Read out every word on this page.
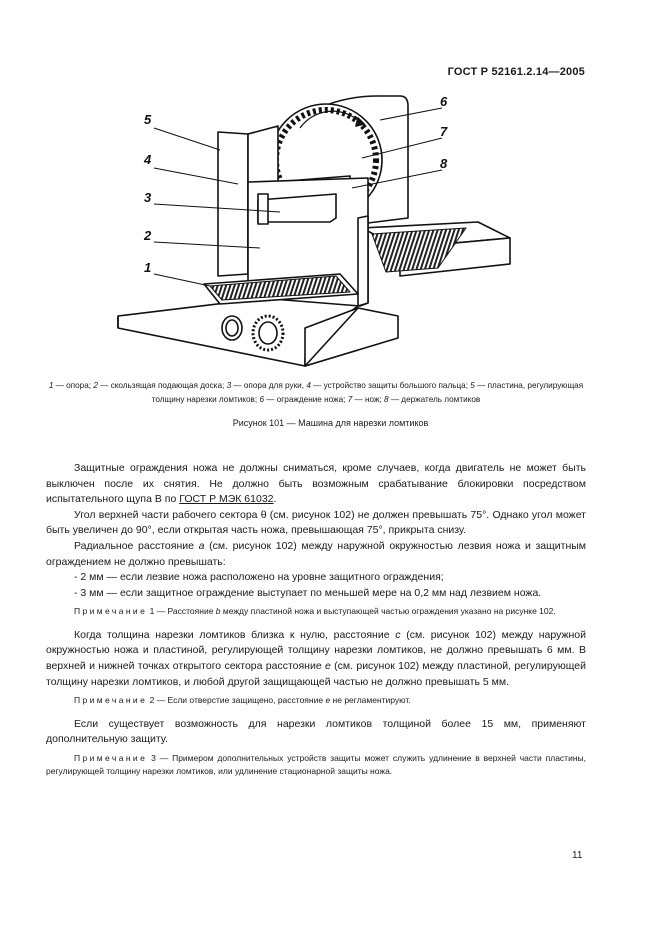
ГОСТ Р 52161.2.14—2005
5
4
3
2
1
6
7
8
1 — опора; 2 — скользящая подающая доска; 3 — опора для руки, 4 — устройство защиты большого пальца; 5 — пластина, регулирующая толщину нарезки ломтиков; 6 — ограждение ножа; 7 — нож; 8 — держатель ломтиков
Рисунок 101 — Машина для нарезки ломтиков

Защитные ограждения ножа не должны сниматься, кроме случаев, когда двигатель не может быть выключен после их снятия. Не должно быть возможным срабатывание блокировки посредством испытательного щупа В по ГОСТ Р МЭК 61032.

Угол верхней части рабочего сектора θ (см. рисунок 102) не должен превышать 75°. Однако угол может быть увеличен до 90°, если открытая часть ножа, превышающая 75°, прикрыта снизу.

Радиальное расстояние а (см. рисунок 102) между наружной окружностью лезвия ножа и защитным ограждением не должно превышать:

- 2 мм — если лезвие ножа расположено на уровне защитного ограждения;

- 3 мм — если защитное ограждение выступает по меньшей мере на 0,2 мм над лезвием ножа.

Примечание 1 — Расстояние b между пластиной ножа и выступающей частью ограждения указано на рисунке 102.

Когда толщина нарезки ломтиков близка к нулю, расстояние с (см. рисунок 102) между наружной окружностью ножа и пластиной, регулирующей толщину нарезки ломтиков, не должно превышать 6 мм. В верхней и нижней точках открытого сектора расстояние е (см. рисунок 102) между пластиной, регулирующей толщину нарезки ломтиков, и любой другой защищающей частью не должно превышать 5 мм.

Примечание 2 — Если отверстие защищено, расстояние е не регламентируют.

Если существует возможность для нарезки ломтиков толщиной более 15 мм, применяют дополнительную защиту.

Примечание 3 — Примером дополнительных устройств защиты может служить удлинение в верхней части пластины, регулирующей толщину нарезки ломтиков, или удлинение стационарной защиты ножа.

11
